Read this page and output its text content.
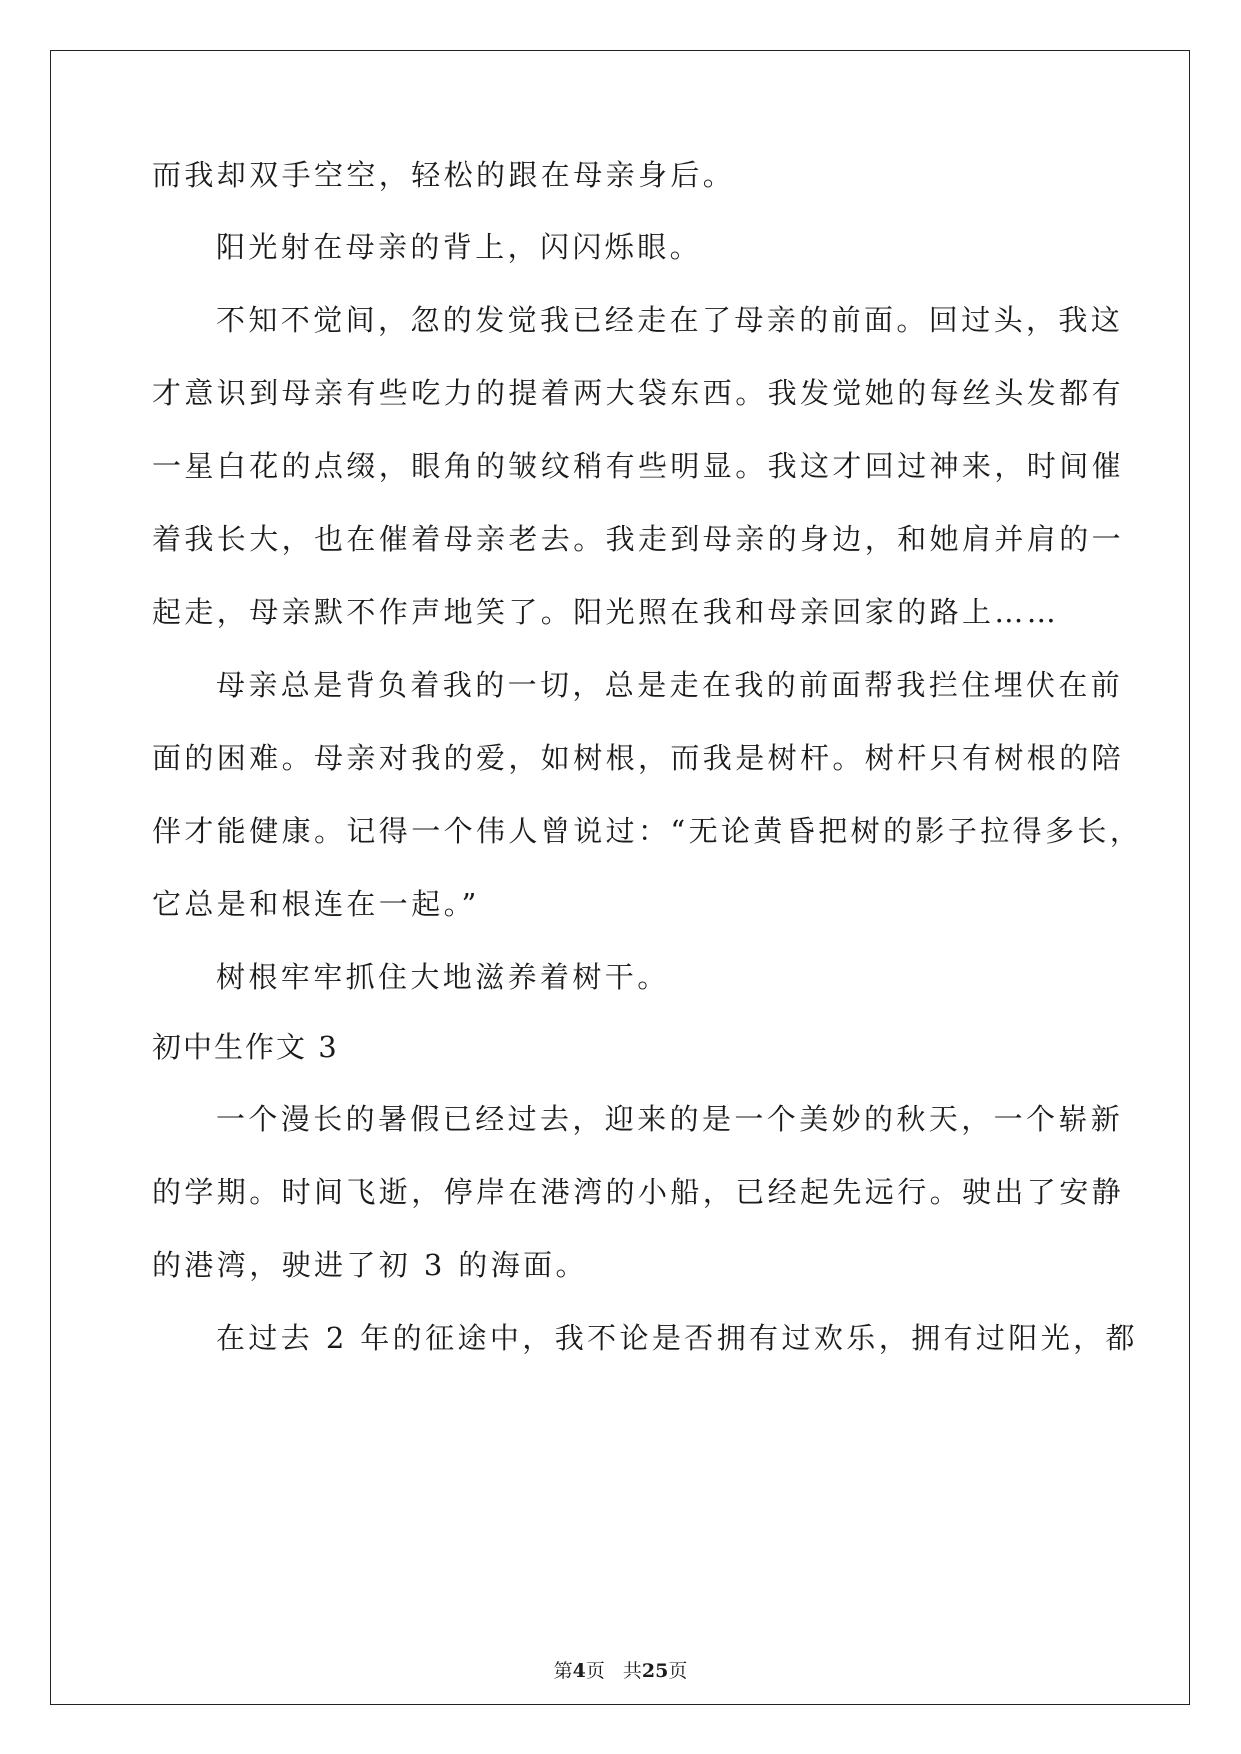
而我却双手空空，轻松的跟在母亲身后。
阳光射在母亲的背上，闪闪烁眼。
不知不觉间，忽的发觉我已经走在了母亲的前面。回过头，我这
才意识到母亲有些吃力的提着两大袋东西。我发觉她的每丝头发都有
一星白花的点缀，眼角的皱纹稍有些明显。我这才回过神来，时间催
着我长大，也在催着母亲老去。我走到母亲的身边，和她肩并肩的一
起走，母亲默不作声地笑了。阳光照在我和母亲回家的路上……
母亲总是背负着我的一切，总是走在我的前面帮我拦住埋伏在前
面的困难。母亲对我的爱，如树根，而我是树杆。树杆只有树根的陪
伴才能健康。记得一个伟人曾说过：“无论黄昏把树的影子拉得多长，
它总是和根连在一起。”
树根牢牢抓住大地滋养着树干。
初中生作文 3
一个漫长的暑假已经过去，迎来的是一个美妙的秋天，一个崭新
的学期。时间飞逝，停岸在港湾的小船，已经起先远行。驶出了安静
的港湾，驶进了初 3 的海面。
在过去 2 年的征途中，我不论是否拥有过欢乐，拥有过阳光，都
第4页 共25页
